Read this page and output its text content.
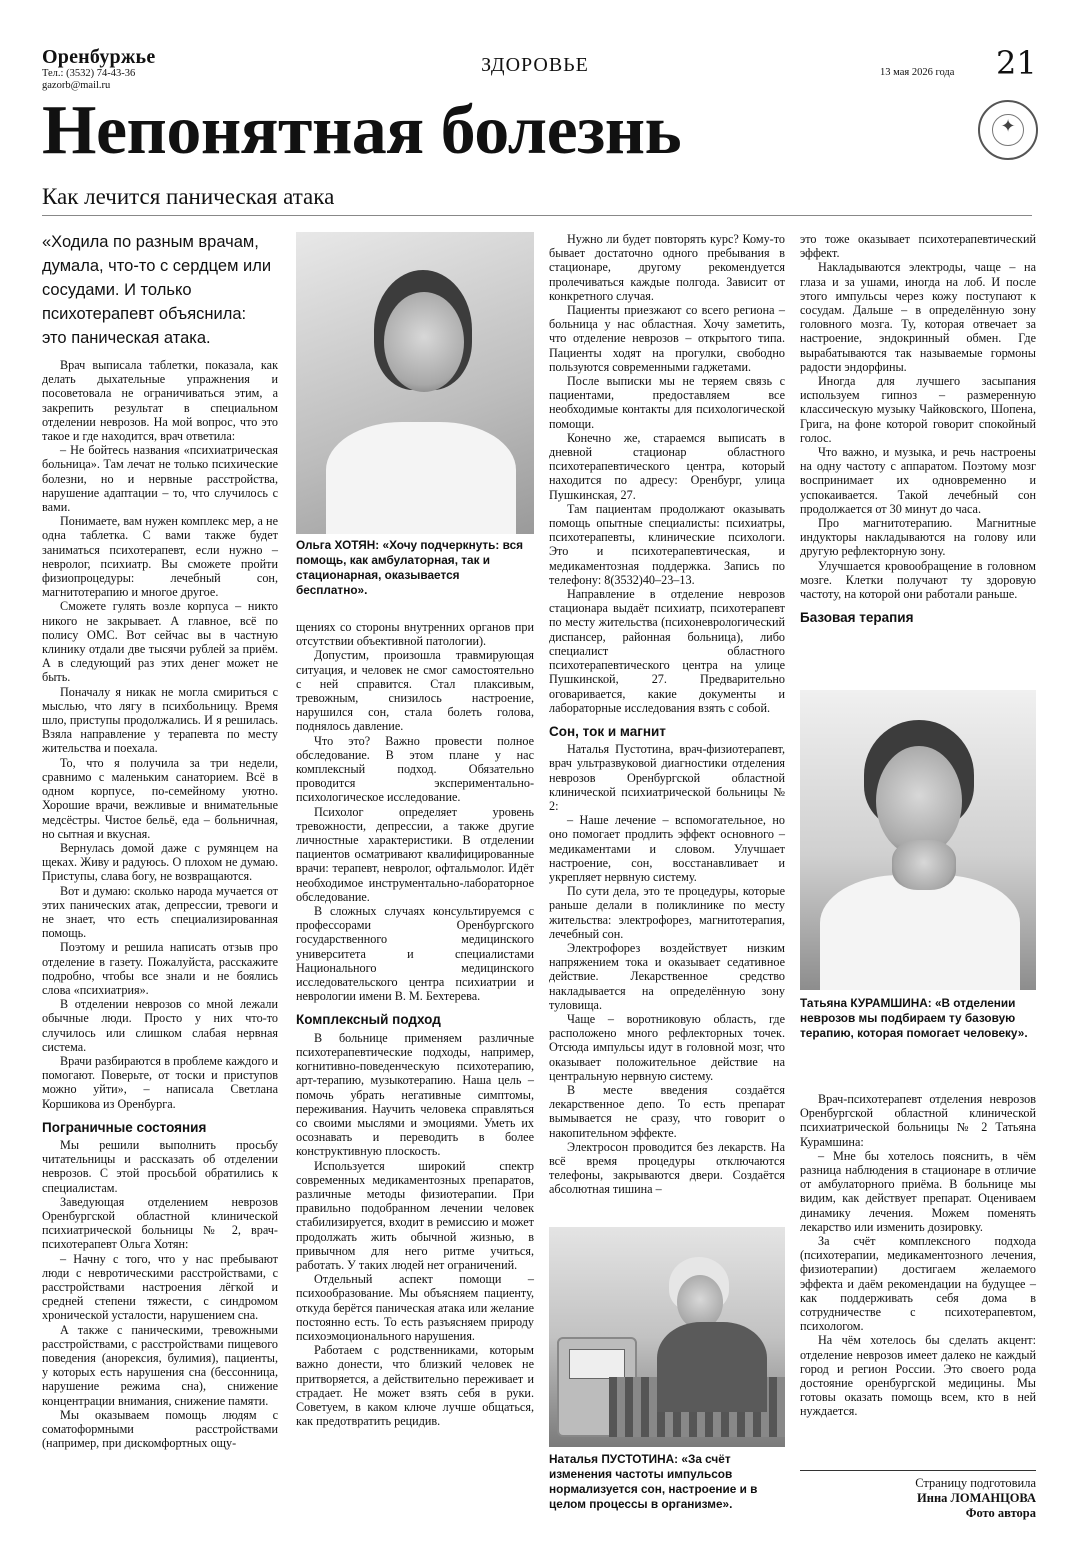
Оренбуржье
Тел.: (3532) 74-43-36
gazorb@mail.ru
ЗДОРОВЬЕ	13 мая 2026 года 21
Непонятная болезнь	✦
Как лечится паническая атака
«Ходила по разным врачам, думала, что-то с сердцем или сосудами. И только психотерапевт объяснила: это паническая атака.

Врач выписала таблетки, показала, как делать дыхательные упражнения и посоветовала не ограничиваться этим, а закрепить результат в специальном отделении неврозов. На мой вопрос, что это такое и где находится, врач ответила:

– Не бойтесь названия «психиатрическая больница». Там лечат не только психические болезни, но и нервные расстройства, нарушение адаптации – то, что случилось с вами.

Понимаете, вам нужен комплекс мер, а не одна таблетка. С вами также будет заниматься психотерапевт, если нужно – невролог, психиатр. Вы сможете пройти физиопроцедуры: лечебный сон, магнитотерапию и многое другое.

Сможете гулять возле корпуса – никто никого не закрывает. А главное, всё по полису ОМС. Вот сейчас вы в частную клинику отдали две тысячи рублей за приём. А в следующий раз этих денег может не быть.

Поначалу я никак не могла смириться с мыслью, что лягу в психбольницу. Время шло, приступы продолжались. И я решилась. Взяла направление у терапевта по месту жительства и поехала.

То, что я получила за три недели, сравнимо с маленьким санаторием. Всё в одном корпусе, по-семейному уютно. Хорошие врачи, вежливые и внимательные медсёстры. Чистое бельё, еда – больничная, но сытная и вкусная.

Вернулась домой даже с румянцем на щеках. Живу и радуюсь. О плохом не думаю. Приступы, слава богу, не возвращаются.

Вот и думаю: сколько народа мучается от этих панических атак, депрессии, тревоги и не знает, что есть специализированная помощь.

Поэтому и решила написать отзыв про отделение в газету. Пожалуйста, расскажите подробно, чтобы все знали и не боялись слова «психиатрия».

В отделении неврозов со мной лежали обычные люди. Просто у них что-то случилось или слишком слабая нервная система.

Врачи разбираются в проблеме каждого и помогают. Поверьте, от тоски и приступов можно уйти», – написала Светлана Коршикова из Оренбурга.

Пограничные состояния

Мы решили выполнить просьбу читательницы и рассказать об отделении неврозов. С этой просьбой обратились к специалистам.

Заведующая отделением неврозов Оренбургской областной клинической психиатрической больницы № 2, врач-психотерапевт Ольга Хотян:

– Начну с того, что у нас пребывают люди с невротическими расстройствами, с расстройствами настроения лёгкой и средней степени тяжести, с синдромом хронической усталости, нарушением сна.

А также с паническими, тревожными расстройствами, с расстройствами пищевого поведения (анорексия, булимия), пациенты, у которых есть нарушения сна (бессонница, нарушение режима сна), снижение концентрации внимания, снижение памяти.

Мы оказываем помощь людям с соматоформными расстройствами (например, при дискомфортных ощу-

Ольга ХОТЯН: «Хочу подчеркнуть: вся помощь, как амбулаторная, так и стационарная, оказывается бесплатно».

щениях со стороны внутренних органов при отсутствии объективной патологии).

Допустим, произошла травмирующая ситуация, и человек не смог самостоятельно с ней справится. Стал плаксивым, тревожным, снизилось настроение, нарушился сон, стала болеть голова, поднялось давление.

Что это? Важно провести полное обследование. В этом плане у нас комплексный подход. Обязательно проводится экспериментально-психологическое исследование.

Психолог определяет уровень тревожности, депрессии, а также другие личностные характеристики. В отделении пациентов осматривают квалифицированные врачи: терапевт, невролог, офтальмолог. Идёт необходимое инструментально-лабораторное обследование.

В сложных случаях консультируемся с профессорами Оренбургского государственного медицинского университета и специалистами Национального медицинского исследовательского центра психиатрии и неврологии имени В. М. Бехтерева.

Комплексный подход

В больнице применяем различные психотерапевтические подходы, например, когнитивно-поведенческую психотерапию, арт-терапию, музыкотерапию. Наша цель – помочь убрать негативные симптомы, переживания. Научить человека справляться со своими мыслями и эмоциями. Уметь их осознавать и переводить в более конструктивную плоскость.

Используется широкий спектр современных медикаментозных препаратов, различные методы физиотерапии. При правильно подобранном лечении человек стабилизируется, входит в ремиссию и может продолжать жить обычной жизнью, в привычном для него ритме учиться, работать. У таких людей нет ограничений.

Отдельный аспект помощи – психообразование. Мы объясняем пациенту, откуда берётся паническая атака или желание постоянно есть. То есть разъясняем природу психоэмоционального нарушения.

Работаем с родственниками, которым важно донести, что близкий человек не притворяется, а действительно переживает и страдает. Не может взять себя в руки. Советуем, в каком ключе лучше общаться, как предотвратить рецидив.

Нужно ли будет повторять курс? Кому-то бывает достаточно одного пребывания в стационаре, другому рекомендуется пролечиваться каждые полгода. Зависит от конкретного случая.

Пациенты приезжают со всего региона – больница у нас областная. Хочу заметить, что отделение неврозов – открытого типа. Пациенты ходят на прогулки, свободно пользуются современными гаджетами.

После выписки мы не теряем связь с пациентами, предоставляем все необходимые контакты для психологической помощи.

Конечно же, стараемся выписать в дневной стационар областного психотерапевтического центра, который находится по адресу: Оренбург, улица Пушкинская, 27.

Там пациентам продолжают оказывать помощь опытные специалисты: психиатры, психотерапевты, клинические психологи. Это и психотерапевтическая, и медикаментозная поддержка. Запись по телефону: 8(3532)40–23–13.

Направление в отделение неврозов стационара выдаёт психиатр, психотерапевт по месту жительства (психоневрологический диспансер, районная больница), либо специалист областного психотерапевтического центра на улице Пушкинской, 27. Предварительно оговаривается, какие документы и лабораторные исследования взять с собой.

Сон, ток и магнит

Наталья Пустотина, врач-физиотерапевт, врач ультразвуковой диагностики отделения неврозов Оренбургской областной клинической психиатрической больницы № 2:

– Наше лечение – вспомогательное, но оно помогает продлить эффект основного – медикаментами и словом. Улучшает настроение, сон, восстанавливает и укрепляет нервную систему.

По сути дела, это те процедуры, которые раньше делали в поликлинике по месту жительства: электрофорез, магнитотерапия, лечебный сон.

Электрофорез воздействует низким напряжением тока и оказывает седативное действие. Лекарственное средство накладывается на определённую зону туловища.

Чаще – воротниковую область, где расположено много рефлекторных точек. Отсюда импульсы идут в головной мозг, что оказывает положительное действие на центральную нервную систему.

В месте введения создаётся лекарственное депо. То есть препарат вымывается не сразу, что говорит о накопительном эффекте.

Электросон проводится без лекарств. На всё время процедуры отключаются телефоны, закрываются двери. Создаётся абсолютная тишина –

Наталья ПУСТОТИНА: «За счёт изменения частоты импульсов нормализуется сон, настроение и в целом процессы в организме».

это тоже оказывает психотерапевтический эффект.

Накладываются электроды, чаще – на глаза и за ушами, иногда на лоб. И после этого импульсы через кожу поступают к сосудам. Дальше – в определённую зону головного мозга. Ту, которая отвечает за настроение, эндокринный обмен. Где вырабатываются так называемые гормоны радости эндорфины.

Иногда для лучшего засыпания используем гипноз – размеренную классическую музыку Чайковского, Шопена, Грига, на фоне которой говорит спокойный голос.

Что важно, и музыка, и речь настроены на одну частоту с аппаратом. Поэтому мозг воспринимает их одновременно и успокаивается. Такой лечебный сон продолжается от 30 минут до часа.

Про магнитотерапию. Магнитные индукторы накладываются на голову или другую рефлекторную зону.

Улучшается кровообращение в головном мозге. Клетки получают ту здоровую частоту, на которой они работали раньше.

Базовая терапия
Татьяна КУРАМШИНА: «В отделении неврозов мы подбираем ту базовую терапию, которая помогает человеку».

Врач-психотерапевт отделения неврозов Оренбургской областной клинической психиатрической больницы № 2 Татьяна Курамшина:

– Мне бы хотелось пояснить, в чём разница наблюдения в стационаре в отличие от амбулаторного приёма. В больнице мы видим, как действует препарат. Оцениваем динамику лечения. Можем поменять лекарство или изменить дозировку.

За счёт комплексного подхода (психотерапии, медикаментозного лечения, физиотерапии) достигаем желаемого эффекта и даём рекомендации на будущее – как поддерживать себя дома в сотрудничестве с психотерапевтом, психологом.

На чём хотелось бы сделать акцент: отделение неврозов имеет далеко не каждый город и регион России. Это своего рода достояние оренбургской медицины. Мы готовы оказать помощь всем, кто в ней нуждается.

Страницу подготовила
Инна ЛОМАНЦОВА
Фото автора
